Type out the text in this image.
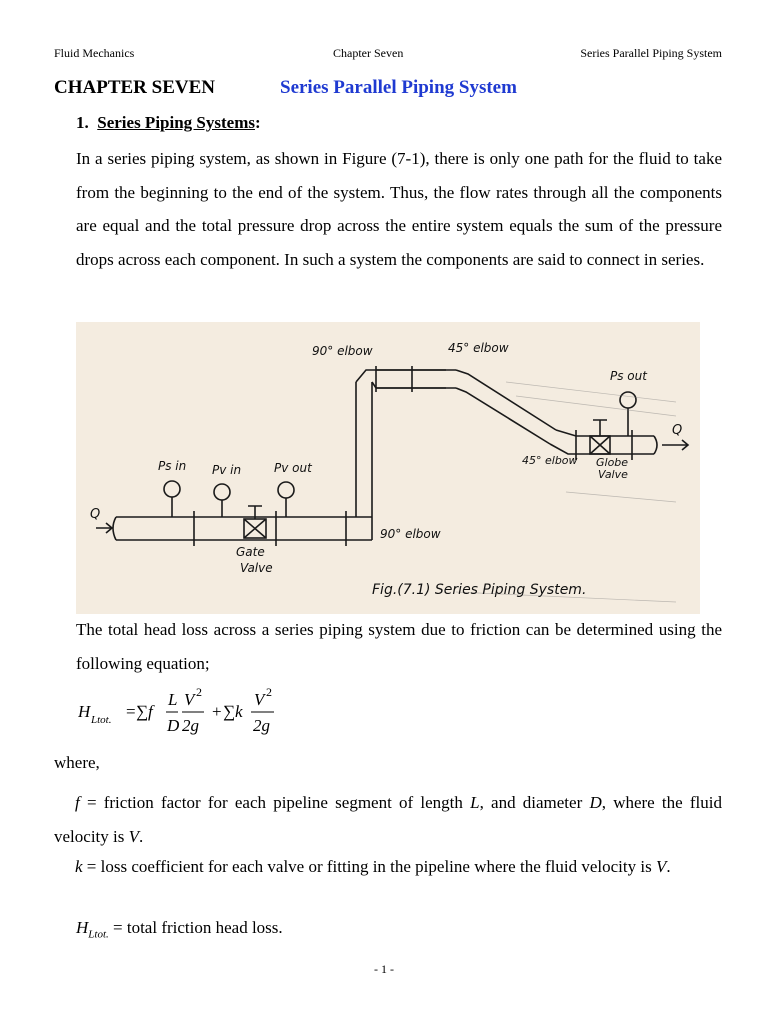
Fluid Mechanics	Chapter Seven	Series Parallel Piping System
CHAPTER SEVEN	Series Parallel Piping System
1. Series Piping Systems:
In a series piping system, as shown in Figure (7-1), there is only one path for the fluid to take from the beginning to the end of the system. Thus, the flow rates through all the components are equal and the total pressure drop across the entire system equals the sum of the pressure drops across each component. In such a system the components are said to connect in series.
90° elbow	45° elbow
Ps out
Q
45° elbow Globe
Valve
Ps in Pv in	Pv out
Q
90° elbow
Gate
Valve
Fig.(7.1) Series Piping System.
The total head loss across a series piping system due to friction can be determined using the following equation;
H Ltot. = ∑ f
L
D
V 2
2g
+ ∑ k
V 2
2g
where,
f = friction factor for each pipeline segment of length L, and diameter D, where the fluid velocity is V.
k = loss coefficient for each valve or fitting in the pipeline where the fluid velocity is V.
$H_{Ltot.}$ = total friction head loss.
- 1 -
